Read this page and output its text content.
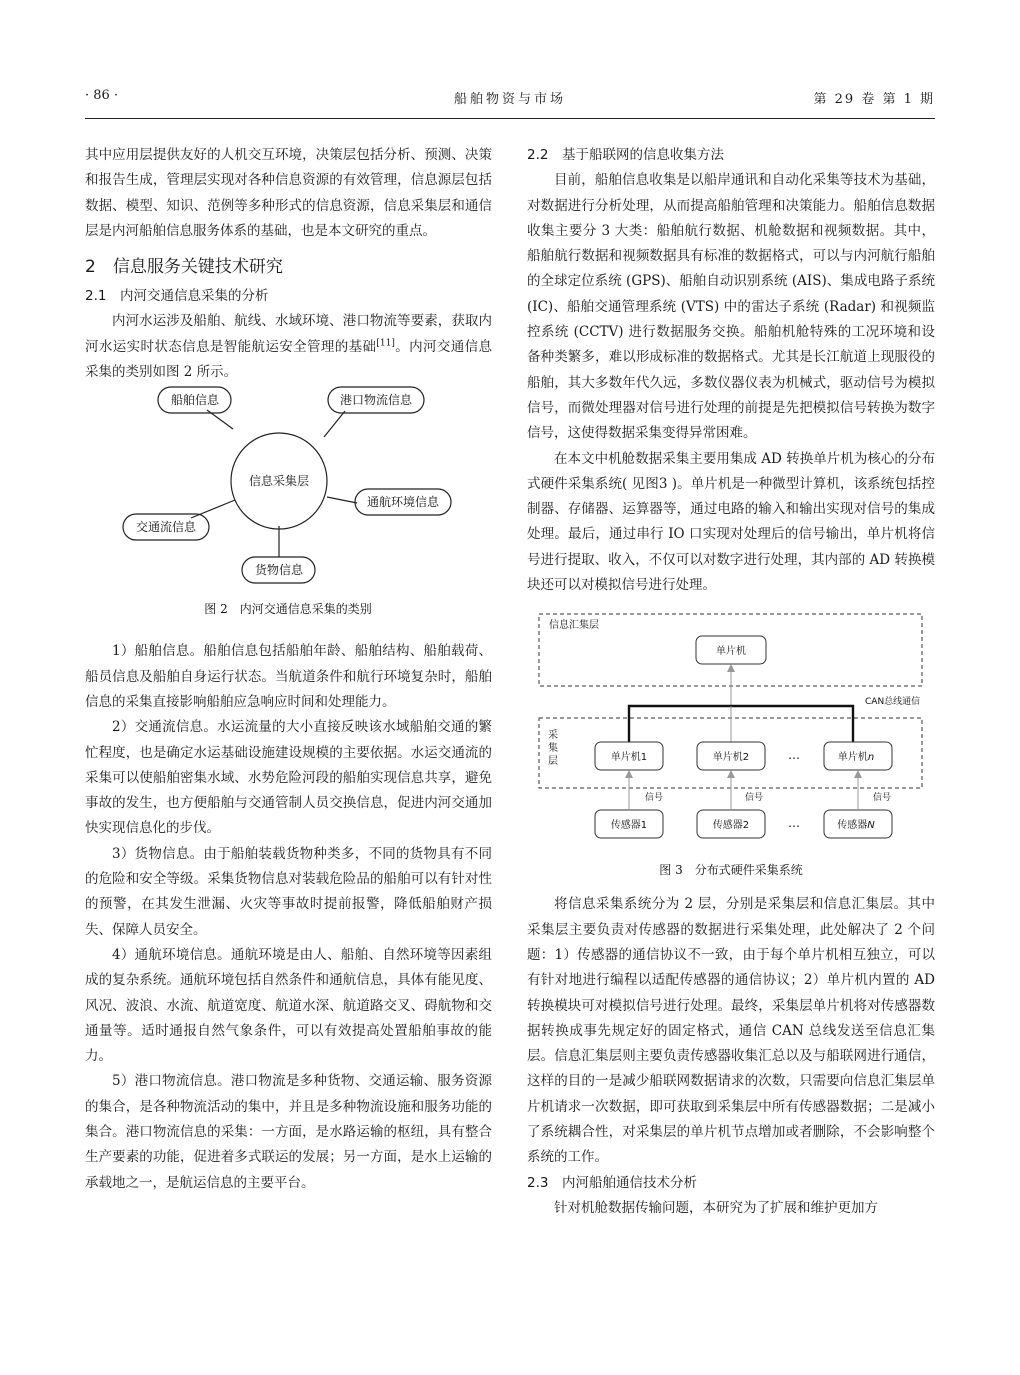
· 86 ·	船舶物资与市场	第 29 卷 第 1 期

其中应用层提供友好的人机交互环境，决策层包括分析、预测、决策和报告生成，管理层实现对各种信息资源的有效管理，信息源层包括数据、模型、知识、范例等多种形式的信息资源，信息采集层和通信层是内河船舶信息服务体系的基础，也是本文研究的重点。

2　信息服务关键技术研究
2.1　内河交通信息采集的分析

内河水运涉及船舶、航线、水域环境、港口物流等要素，获取内河水运实时状态信息是智能航运安全管理的基础[11]。内河交通信息采集的类别如图 2 所示。

信息采集层
船舶信息	港口物流信息
通航环境信息
交通流信息
货物信息
图 2　内河交通信息采集的类别

1）船舶信息。船舶信息包括船舶年龄、船舶结构、船舶载荷、船员信息及船舶自身运行状态。当航道条件和航行环境复杂时，船舶信息的采集直接影响船舶应急响应时间和处理能力。

2）交通流信息。水运流量的大小直接反映该水域船舶交通的繁忙程度，也是确定水运基础设施建设规模的主要依据。水运交通流的采集可以使船舶密集水域、水势危险河段的船舶实现信息共享，避免事故的发生，也方便船舶与交通管制人员交换信息，促进内河交通加快实现信息化的步伐。

3）货物信息。由于船舶装载货物种类多，不同的货物具有不同的危险和安全等级。采集货物信息对装载危险品的船舶可以有针对性的预警，在其发生泄漏、火灾等事故时提前报警，降低船舶财产损失、保障人员安全。

4）通航环境信息。通航环境是由人、船舶、自然环境等因素组成的复杂系统。通航环境包括自然条件和通航信息，具体有能见度、风况、波浪、水流、航道宽度、航道水深、航道路交叉、碍航物和交通量等。适时通报自然气象条件，可以有效提高处置船舶事故的能力。

5）港口物流信息。港口物流是多种货物、交通运输、服务资源的集合，是各种物流活动的集中，并且是多种物流设施和服务功能的集合。港口物流信息的采集：一方面，是水路运输的枢纽，具有整合生产要素的功能，促进着多式联运的发展；另一方面，是水上运输的承载地之一，是航运信息的主要平台。

2.2　基于船联网的信息收集方法

目前，船舶信息收集是以船岸通讯和自动化采集等技术为基础，对数据进行分析处理，从而提高船舶管理和决策能力。船舶信息数据收集主要分 3 大类：船舶航行数据、机舱数据和视频数据。其中，船舶航行数据和视频数据具有标准的数据格式，可以与内河航行船舶的全球定位系统 (GPS)、船舶自动识别系统 (AIS)、集成电路子系统 (IC)、船舶交通管理系统 (VTS) 中的雷达子系统 (Radar) 和视频监控系统 (CCTV) 进行数据服务交换。船舶机舱特殊的工况环境和设备种类繁多，难以形成标准的数据格式。尤其是长江航道上现服役的船舶，其大多数年代久远，多数仪器仪表为机械式，驱动信号为模拟信号，而微处理器对信号进行处理的前提是先把模拟信号转换为数字信号，这使得数据采集变得异常困难。

在本文中机舱数据采集主要用集成 AD 转换单片机为核心的分布式硬件采集系统( 见图3 )。单片机是一种微型计算机，该系统包括控制器、存储器、运算器等，通过电路的输入和输出实现对信号的集成处理。最后，通过串行 IO 口实现对处理后的信号输出，单片机将信号进行提取、收入，不仅可以对数字进行处理，其内部的 AD 转换模块还可以对模拟信号进行处理。

信息汇集层
CAN总线通信
采
集
层
单片机
单片机1	单片机2	单片机n
…
传感器1	传感器2	传感器N
…
信号	信号	信号
图 3　分布式硬件采集系统

将信息采集系统分为 2 层，分别是采集层和信息汇集层。其中采集层主要负责对传感器的数据进行采集处理，此处解决了 2 个问题：1）传感器的通信协议不一致，由于每个单片机相互独立，可以有针对地进行编程以适配传感器的通信协议；2）单片机内置的 AD 转换模块可对模拟信号进行处理。最终，采集层单片机将对传感器数据转换成事先规定好的固定格式，通信 CAN 总线发送至信息汇集层。信息汇集层则主要负责传感器收集汇总以及与船联网进行通信，这样的目的一是减少船联网数据请求的次数，只需要向信息汇集层单片机请求一次数据，即可获取到采集层中所有传感器数据；二是减小了系统耦合性，对采集层的单片机节点增加或者删除，不会影响整个系统的工作。

2.3　内河船舶通信技术分析

针对机舱数据传输问题，本研究为了扩展和维护更加方
